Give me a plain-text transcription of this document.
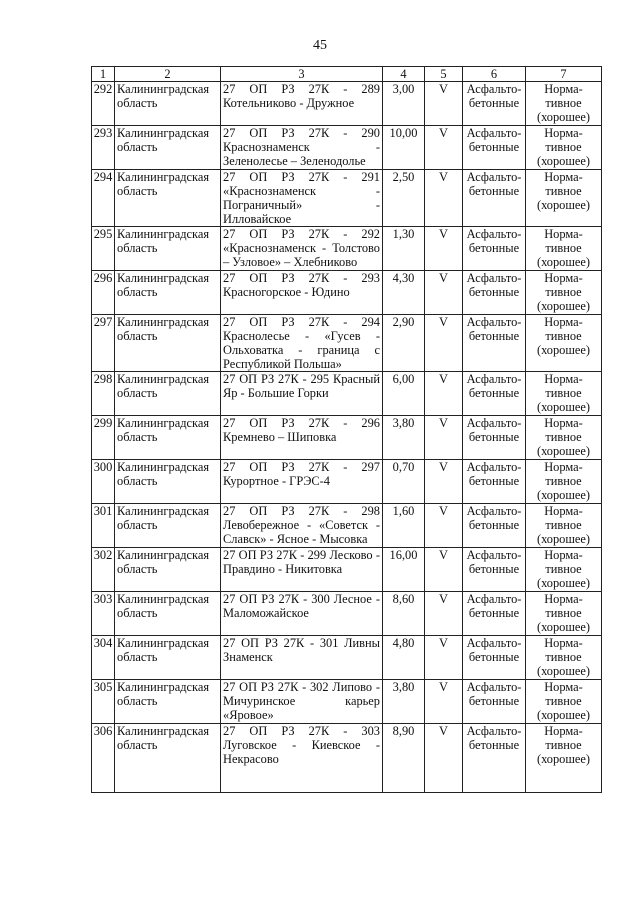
45
1	2	3	4	5	6	7
292	Калининградская область	27 ОП РЗ 27К - 289 Котельниково - Дружное	3,00	V	Асфальто-бетонные	Норма-тивное (хорошее)
293	Калининградская область	27 ОП РЗ 27К - 290 Краснознаменск - Зеленолесье – Зеленодолье	10,00	V	Асфальто-бетонные	Норма-тивное (хорошее)
294	Калининградская область	27 ОП РЗ 27К - 291 «Краснознаменск - Пограничный» - Илловайское	2,50	V	Асфальто-бетонные	Норма-тивное (хорошее)
295	Калининградская область	27 ОП РЗ 27К - 292 «Краснознаменск - Толстово – Узловое» – Хлебниково	1,30	V	Асфальто-бетонные	Норма-тивное (хорошее)
296	Калининградская область	27 ОП РЗ 27К - 293 Красногорское - Юдино	4,30	V	Асфальто-бетонные	Норма-тивное (хорошее)
297	Калининградская область	27 ОП РЗ 27К - 294 Краснолесье - «Гусев - Ольховатка - граница с Республикой Польша»	2,90	V	Асфальто-бетонные	Норма-тивное (хорошее)
298	Калининградская область	27 ОП РЗ 27К - 295 Красный Яр - Большие Горки	6,00	V	Асфальто-бетонные	Норма-тивное (хорошее)
299	Калининградская область	27 ОП РЗ 27К - 296 Кремнево – Шиповка	3,80	V	Асфальто-бетонные	Норма-тивное (хорошее)
300	Калининградская область	27 ОП РЗ 27К - 297 Курортное - ГРЭС-4	0,70	V	Асфальто-бетонные	Норма-тивное (хорошее)
301	Калининградская область	27 ОП РЗ 27К - 298 Левобережное - «Советск - Славск» - Ясное - Мысовка	1,60	V	Асфальто-бетонные	Норма-тивное (хорошее)
302	Калининградская область	27 ОП РЗ 27К - 299 Лесково - Правдино - Никитовка	16,00	V	Асфальто-бетонные	Норма-тивное (хорошее)
303	Калининградская область	27 ОП РЗ 27К - 300 Лесное - Маломожайское	8,60	V	Асфальто-бетонные	Норма-тивное (хорошее)
304	Калининградская область	27 ОП РЗ 27К - 301 Ливны Знаменск	4,80	V	Асфальто-бетонные	Норма-тивное (хорошее)
305	Калининградская область	27 ОП РЗ 27К - 302 Липово - Мичуринское карьер «Яровое»	3,80	V	Асфальто-бетонные	Норма-тивное (хорошее)
306	Калининградская область	27 ОП РЗ 27К - 303 Луговское - Киевское - Некрасово	8,90	V	Асфальто-бетонные	Норма-тивное (хорошее)
